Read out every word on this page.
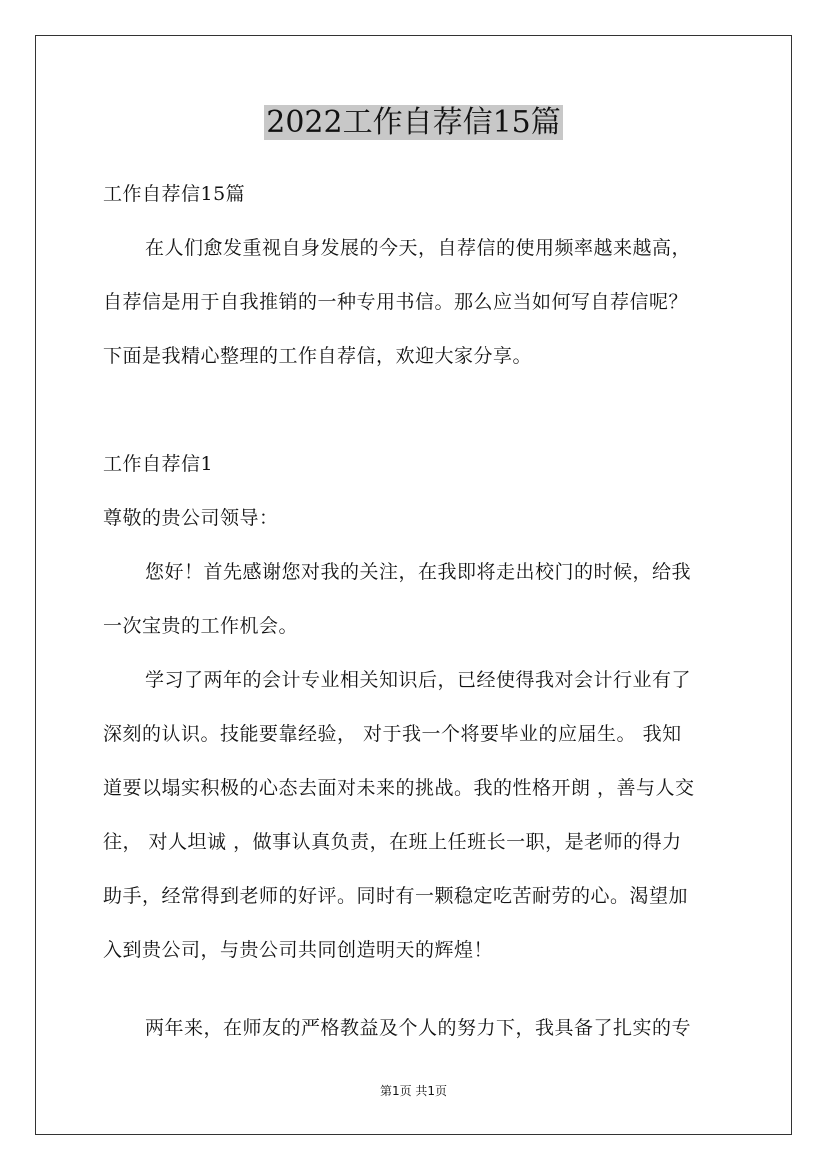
2022工作自荐信15篇
工作自荐信15篇
在人们愈发重视自身发展的今天，自荐信的使用频率越来越高，
自荐信是用于自我推销的一种专用书信。那么应当如何写自荐信呢？
下面是我精心整理的工作自荐信，欢迎大家分享。
工作自荐信1
尊敬的贵公司领导：
您好！首先感谢您对我的关注，在我即将走出校门的时候，给我
一次宝贵的工作机会。
学习了两年的会计专业相关知识后，已经使得我对会计行业有了
深刻的认识。技能要靠经验， 对于我一个将要毕业的应届生。 我知
道要以塌实积极的心态去面对未来的挑战。我的性格开朗 ，善与人交
往， 对人坦诚 ，做事认真负责，在班上任班长一职，是老师的得力
助手，经常得到老师的好评。同时有一颗稳定吃苦耐劳的心。渴望加
入到贵公司，与贵公司共同创造明天的辉煌！
两年来，在师友的严格教益及个人的努力下，我具备了扎实的专
第1页 共1页
